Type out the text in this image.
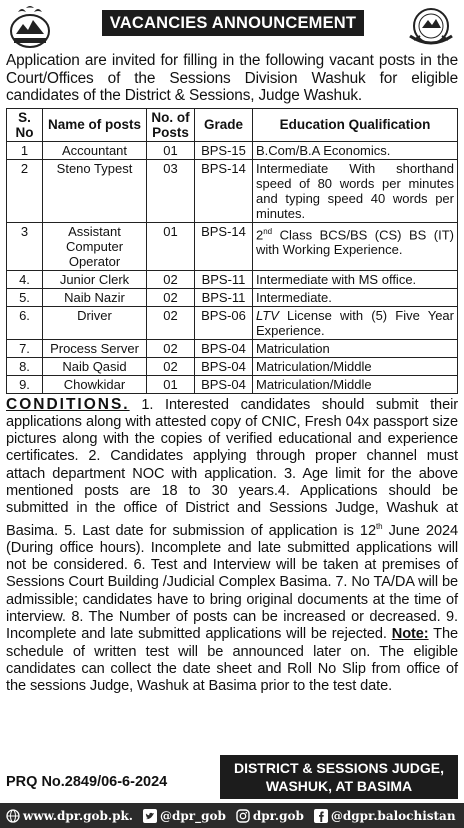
VACANCIES ANNOUNCEMENT

Application are invited for filling in the following vacant posts in the Court/Offices of the Sessions Division Washuk for eligible candidates of the District & Sessions, Judge Washuk.

S. No	Name of posts	No. of Posts	Grade	Education Qualification
1	Accountant	01	BPS-15	B.Com/B.A Economics.
2	Steno Typest	03	BPS-14	Intermediate With shorthand speed of 80 words per minutes and typing speed 40 words per minutes.
3	Assistant Computer Operator	01	BPS-14	2nd Class BCS/BS (CS) BS (IT) with Working Experience.
4.	Junior Clerk	02	BPS-11	Intermediate with MS office.
5.	Naib Nazir	02	BPS-11	Intermediate.
6.	Driver	02	BPS-06	LTV License with (5) Five Year Experience.
7.	Process Server	02	BPS-04	Matriculation
8.	Naib Qasid	02	BPS-04	Matriculation/Middle
9.	Chowkidar	01	BPS-04	Matriculation/Middle

CONDITIONS. 1. Interested candidates should submit their applications along with attested copy of CNIC, Fresh 04x passport size pictures along with the copies of verified educational and experience certificates. 2. Candidates applying through proper channel must attach department NOC with application. 3. Age limit for the above mentioned posts are 18 to 30 years.4. Applications should be submitted in the office of District and Sessions Judge, Washuk at Basima. 5. Last date for submission of application is 12th June 2024 (During office hours). Incomplete and late submitted applications will not be considered. 6. Test and Interview will be taken at premises of Sessions Court Building /Judicial Complex Basima. 7. No TA/DA will be admissible; candidates have to bring original documents at the time of interview. 8. The Number of posts can be increased or decreased. 9. Incomplete and late submitted applications will be rejected. Note: The schedule of written test will be announced later on. The eligible candidates can collect the date sheet and Roll No Slip from office of the sessions Judge, Washuk at Basima prior to the test date.

PRQ No.2849/06-6-2024
DISTRICT & SESSIONS JUDGE,
WASHUK, AT BASIMA
www.dpr.gob.pk. @dpr_gob dpr.gob @dgpr.balochistan
